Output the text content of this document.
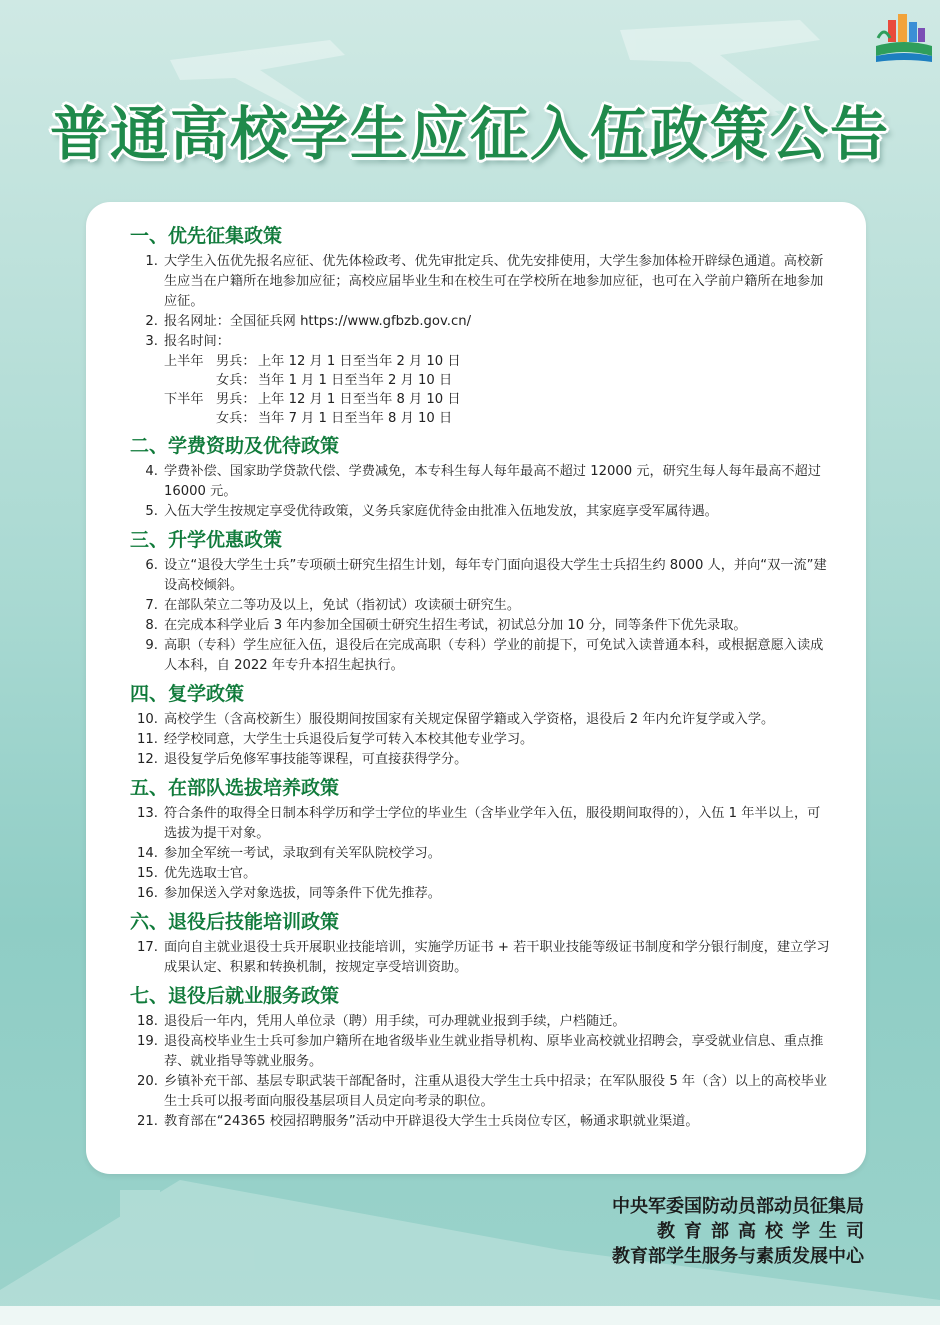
普通高校学生应征入伍政策公告
一、优先征集政策
1. 大学生入伍优先报名应征、优先体检政考、优先审批定兵、优先安排使用，大学生参加体检开辟绿色通道。高校新生应当在户籍所在地参加应征；高校应届毕业生和在校生可在学校所在地参加应征，也可在入学前户籍所在地参加应征。
2. 报名网址：全国征兵网 https://www.gfbzb.gov.cn/
3. 报名时间：
上半年 男兵： 上年 12 月 1 日至当年 2 月 10 日
女兵： 当年 1 月 1 日至当年 2 月 10 日
下半年 男兵： 上年 12 月 1 日至当年 8 月 10 日
女兵： 当年 7 月 1 日至当年 8 月 10 日
二、学费资助及优待政策
4. 学费补偿、国家助学贷款代偿、学费减免，本专科生每人每年最高不超过 12000 元，研究生每人每年最高不超过 16000 元。
5. 入伍大学生按规定享受优待政策，义务兵家庭优待金由批准入伍地发放，其家庭享受军属待遇。
三、升学优惠政策
6. 设立“退役大学生士兵”专项硕士研究生招生计划，每年专门面向退役大学生士兵招生约 8000 人，并向“双一流”建设高校倾斜。
7. 在部队荣立二等功及以上，免试（指初试）攻读硕士研究生。
8. 在完成本科学业后 3 年内参加全国硕士研究生招生考试，初试总分加 10 分，同等条件下优先录取。
9. 高职（专科）学生应征入伍，退役后在完成高职（专科）学业的前提下，可免试入读普通本科，或根据意愿入读成人本科，自 2022 年专升本招生起执行。
四、复学政策
10. 高校学生（含高校新生）服役期间按国家有关规定保留学籍或入学资格，退役后 2 年内允许复学或入学。
11. 经学校同意，大学生士兵退役后复学可转入本校其他专业学习。
12. 退役复学后免修军事技能等课程，可直接获得学分。
五、在部队选拔培养政策
13. 符合条件的取得全日制本科学历和学士学位的毕业生（含毕业学年入伍，服役期间取得的），入伍 1 年半以上，可选拔为提干对象。
14. 参加全军统一考试，录取到有关军队院校学习。
15. 优先选取士官。
16. 参加保送入学对象选拔，同等条件下优先推荐。
六、退役后技能培训政策
17. 面向自主就业退役士兵开展职业技能培训，实施学历证书 + 若干职业技能等级证书制度和学分银行制度，建立学习成果认定、积累和转换机制，按规定享受培训资助。
七、退役后就业服务政策
18. 退役后一年内，凭用人单位录（聘）用手续，可办理就业报到手续，户档随迁。
19. 退役高校毕业生士兵可参加户籍所在地省级毕业生就业指导机构、原毕业高校就业招聘会，享受就业信息、重点推荐、就业指导等就业服务。
20. 乡镇补充干部、基层专职武装干部配备时，注重从退役大学生士兵中招录；在军队服役 5 年（含）以上的高校毕业生士兵可以报考面向服役基层项目人员定向考录的职位。
21. 教育部在“24365 校园招聘服务”活动中开辟退役大学生士兵岗位专区，畅通求职就业渠道。
中央军委国防动员部动员征集局
教育部高校学生司
教育部学生服务与素质发展中心
